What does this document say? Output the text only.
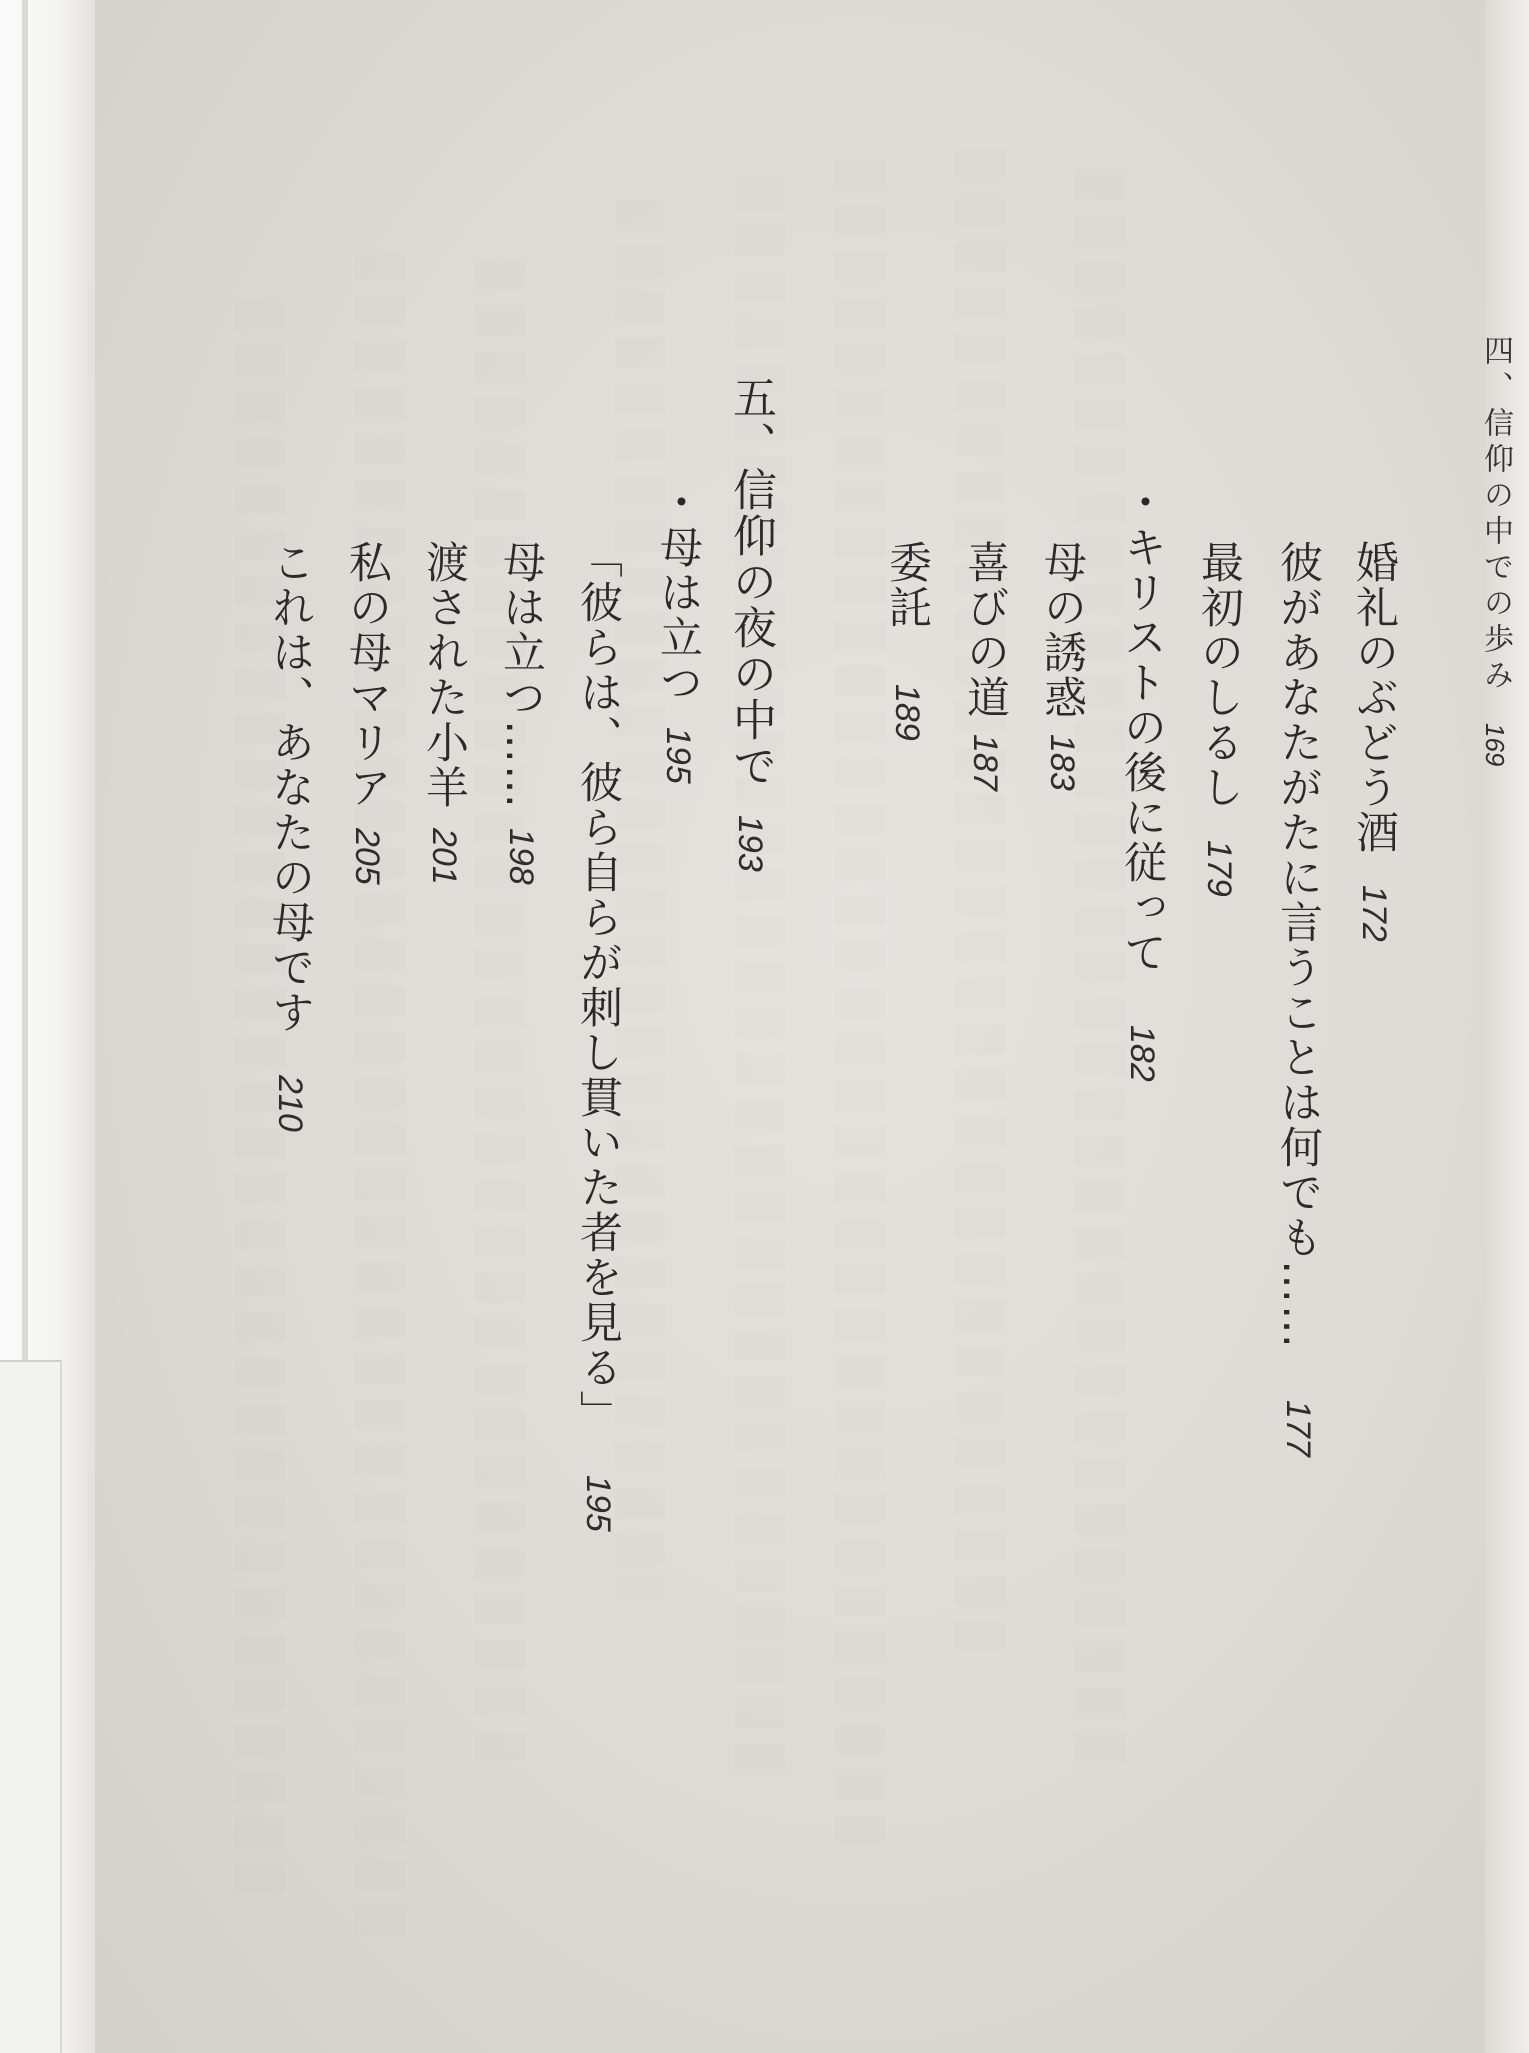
四、信仰の中での歩み169
婚礼のぶどう酒172
彼があなたがたに言うことは何でも……177
最初のしるし179
・キリストの後に従って182
母の誘惑183
喜びの道187
委託189
五、信仰の夜の中で193
・母は立つ195
「彼らは、彼ら自らが刺し貫いた者を見る」195
母は立つ……198
渡された小羊201
私の母マリア205
これは、あなたの母です210
